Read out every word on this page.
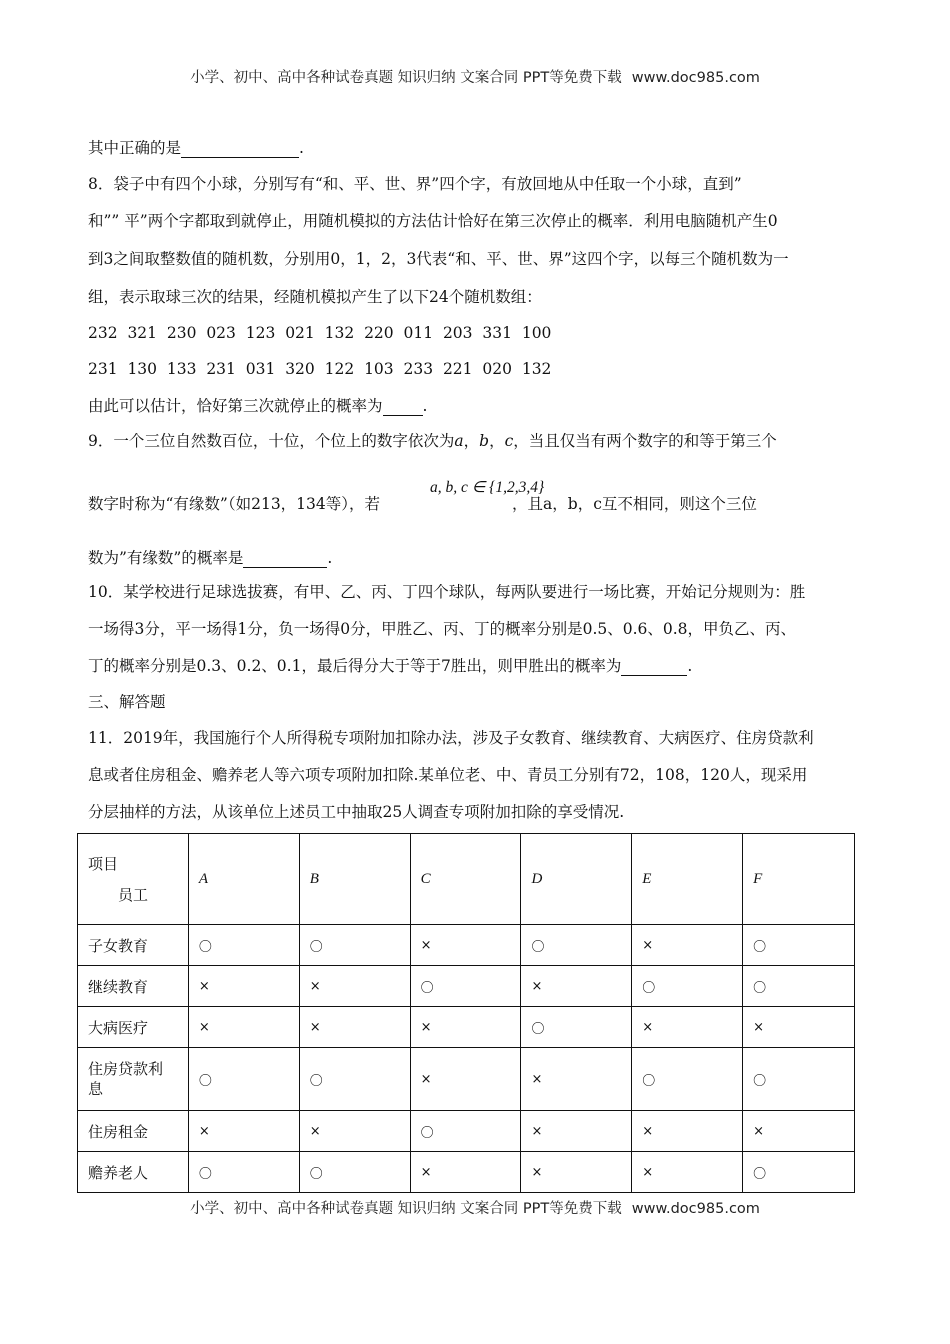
小学、初中、高中各种试卷真题 知识归纳 文案合同 PPT等免费下载 www.doc985.com
其中正确的是	.
8．袋子中有四个小球，分别写有“和、平、世、界”四个字，有放回地从中任取一个小球，直到”
和”” 平”两个字都取到就停止，用随机模拟的方法估计恰好在第三次停止的概率．利用电脑随机产生0
到3之间取整数值的随机数，分别用0，1，2，3代表“和、平、世、界”这四个字，以每三个随机数为一
组，表示取球三次的结果，经随机模拟产生了以下24个随机数组：
232  321  230  023  123  021  132  220  011  203  331  100
231  130  133  231  031  320  122  103  233  221  020  132
由此可以估计，恰好第三次就停止的概率为	.
9．一个三位自然数百位，十位，个位上的数字依次为a，b，c，当且仅当有两个数字的和等于第三个
a, b, c ∈ {1,2,3,4}
数字时称为“有缘数”（如213，134等），若	，且a，b，c互不相同，则这个三位
数为”有缘数”的概率是	.
10．某学校进行足球选拔赛，有甲、乙、丙、丁四个球队，每两队要进行一场比赛，开始记分规则为：胜
一场得3分，平一场得1分，负一场得0分，甲胜乙、丙、丁的概率分别是0.5、0.6、0.8，甲负乙、丙、
丁的概率分别是0.3、0.2、0.1，最后得分大于等于7胜出，则甲胜出的概率为	.
三、解答题
11．2019年，我国施行个人所得税专项附加扣除办法，涉及子女教育、继续教育、大病医疗、住房贷款利
息或者住房租金、赡养老人等六项专项附加扣除.某单位老、中、青员工分别有72，108，120人，现采用
分层抽样的方法，从该单位上述员工中抽取25人调查专项附加扣除的享受情况.
项目
员工	A	B	C	D	E	F
子女教育	〇	〇	×	〇	×	〇
继续教育	×	×	〇	×	〇	〇
大病医疗	×	×	×	〇	×	×
住房贷款利息	〇	〇	×	×	〇	〇
住房租金	×	×	〇	×	×	×
赡养老人	〇	〇	×	×	×	〇
小学、初中、高中各种试卷真题 知识归纳 文案合同 PPT等免费下载 www.doc985.com
